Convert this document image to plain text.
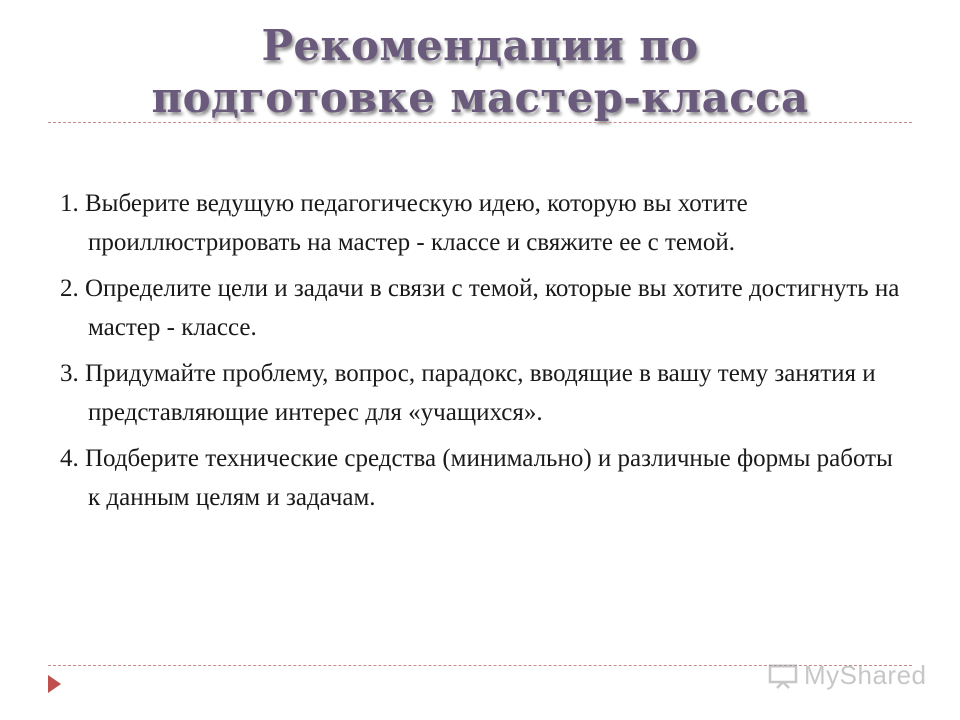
Рекомендации по
подготовке мастер-класса

1. Выберите ведущую педагогическую идею, которую вы хотите проиллюстрировать на мастер - классе и свяжите ее с темой.

2. Определите цели и задачи в связи с темой, которые вы хотите достигнуть на мастер - классе.

3. Придумайте проблему, вопрос, парадокс, вводящие в вашу тему занятия и представляющие интерес для «учащихся».

4. Подберите технические средства (минимально) и различные формы работы к данным целям и задачам.

MyShared
